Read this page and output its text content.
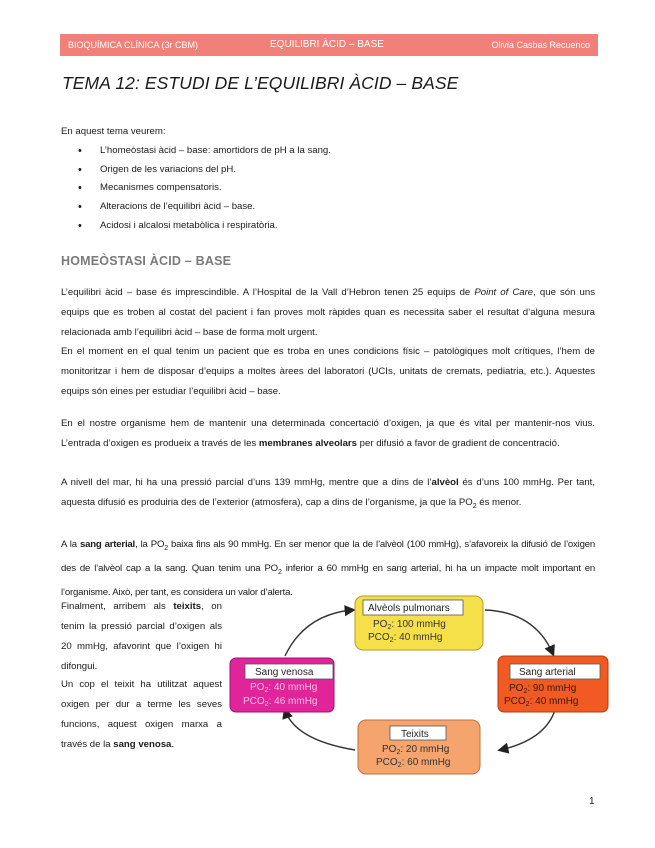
BIOQUÍMICA CLÍNICA (3r CBM)	EQUILIBRI ÀCID – BASE	Olivia Casbas Recuenco
TEMA 12: ESTUDI DE L’EQUILIBRI ÀCID – BASE
En aquest tema veurem:
• L’homeòstasi àcid – base: amortidors de pH a la sang.
• Origen de les variacions del pH.
• Mecanismes compensatoris.
• Alteracions de l’equilibri àcid – base.
• Acidosi i alcalosi metabòlica i respiratòria.
HOMEÒSTASI ÀCID – BASE
L’equilibri àcid – base és imprescindible. A l’Hospital de la Vall d’Hebron tenen 25 equips de Point of Care, que són uns equips que es troben al costat del pacient i fan proves molt ràpides quan es necessita saber el resultat d’alguna mesura relacionada amb l’equilibri àcid – base de forma molt urgent.
En el moment en el qual tenim un pacient que es troba en unes condicions físic – patològiques molt crítiques, l’hem de monitoritzar i hem de disposar d’equips a moltes àrees del laboratori (UCIs, unitats de cremats, pediatria, etc.). Aquestes equips són eines per estudiar l’equilibri àcid – base.
En el nostre organisme hem de mantenir una determinada concertació d’oxigen, ja que és vital per mantenir-nos vius. L’entrada d’oxigen es produeix a través de les membranes alveolars per difusió a favor de gradient de concentració.
A nivell del mar, hi ha una pressió parcial d’uns 139 mmHg, mentre que a dins de l’alvèol és d’uns 100 mmHg. Per tant, aquesta difusió es produiria des de l’exterior (atmosfera), cap a dins de l’organisme, ja que la $PO_2$ és menor.
A la sang arterial, la $PO_2$ baixa fins als 90 mmHg. En ser menor que la de l’alvèol (100 mmHg), s’afavoreix la difusió de l’oxigen des de l’alvèol cap a la sang. Quan tenim una $PO_2$ inferior a 60 mmHg en sang arterial, hi ha un impacte molt important en l’organisme. Això, per tant, es considera un valor d’alerta.
Finalment, arribem als teixits, on tenim la pressió parcial d’oxigen als 20 mmHg, afavorint que l’oxigen hi difongui.
Un cop el teixit ha utilitzat aquest oxigen per dur a terme les seves funcions, aquest oxigen marxa a través de la sang venosa.
Alvèols pulmonars
$PO_2$: 100 mmHg
$PCO_2$: 40 mmHg
Sang arterial
$PO_2$: 90 mmHg
$PCO_2$: 40 mmHg
Teixits
$PO_2$: 20 mmHg
$PCO_2$: 60 mmHg
Sang venosa
$PO_2$: 40 mmHg
$PCO_2$: 46 mmHg
1
